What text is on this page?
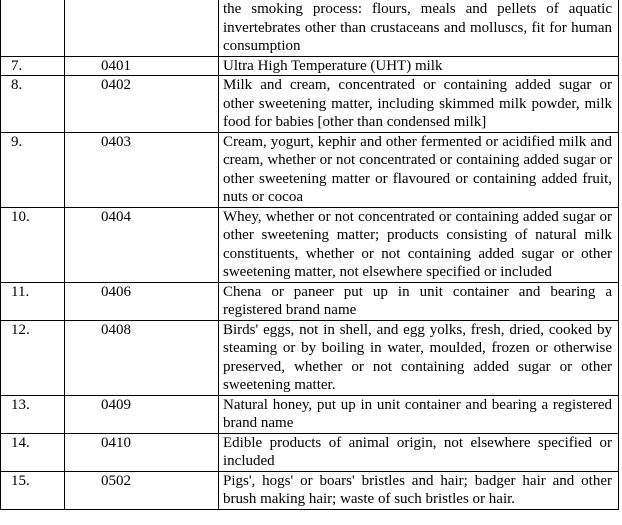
		the smoking process: flours, meals and pellets of aquatic invertebrates other than crustaceans and molluscs, fit for human consumption
7.	0401	Ultra High Temperature (UHT) milk
8.	0402	Milk and cream, concentrated or containing added sugar or other sweetening matter, including skimmed milk powder, milk food for babies [other than condensed milk]
9.	0403	Cream, yogurt, kephir and other fermented or acidified milk and cream, whether or not concentrated or containing added sugar or other sweetening matter or flavoured or containing added fruit, nuts or cocoa
10.	0404	Whey, whether or not concentrated or containing added sugar or other sweetening matter; products consisting of natural milk constituents, whether or not containing added sugar or other sweetening matter, not elsewhere specified or included
11.	0406	Chena or paneer put up in unit container and bearing a registered brand name
12.	0408	Birds' eggs, not in shell, and egg yolks, fresh, dried, cooked by steaming or by boiling in water, moulded, frozen or otherwise preserved, whether or not containing added sugar or other sweetening matter.
13.	0409	Natural honey, put up in unit container and bearing a registered brand name
14.	0410	Edible products of animal origin, not elsewhere specified or included
15.	0502	Pigs', hogs' or boars' bristles and hair; badger hair and other brush making hair; waste of such bristles or hair.
